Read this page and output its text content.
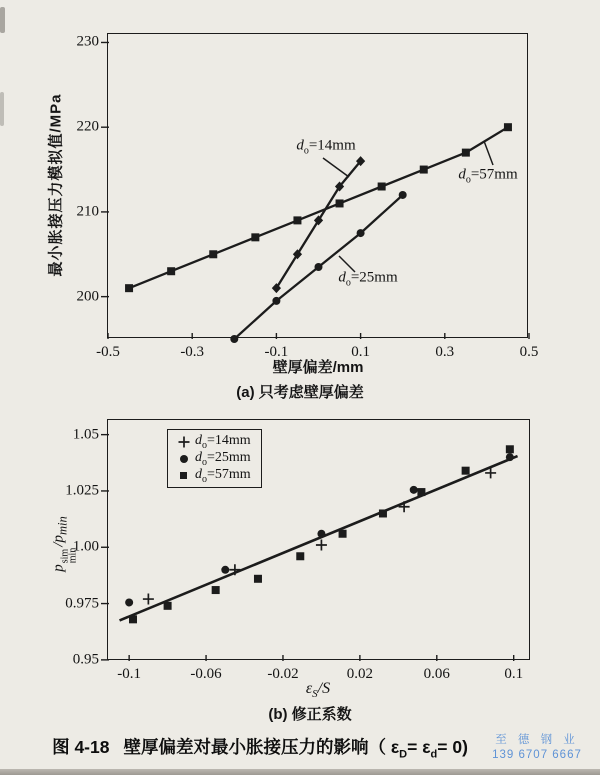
最小胀接压力模拟值/MPa
-0.5	-0.3	-0.1	0.1	0.3	0.5
200
210
220
230
$d_o=14mm$
$d_o=25mm$
$d_o=57mm$
壁厚偏差/mm
(a) 只考虑壁厚偏差
p
sim
min
$/p_{min}$
$d_o=14mm$
$d_o=25mm$
$d_o=57mm$
-0.1	-0.06	-0.02	0.02	0.06	0.1
0.95
0.975
1.00
1.025
1.05
$\varepsilon_S/S$
(b) 修正系数
图 4-18 壁厚偏差对最小胀接压力的影响（ $\varepsilon_D= \varepsilon_d= 0$)	至 德 钢 业
139 6707 6667
